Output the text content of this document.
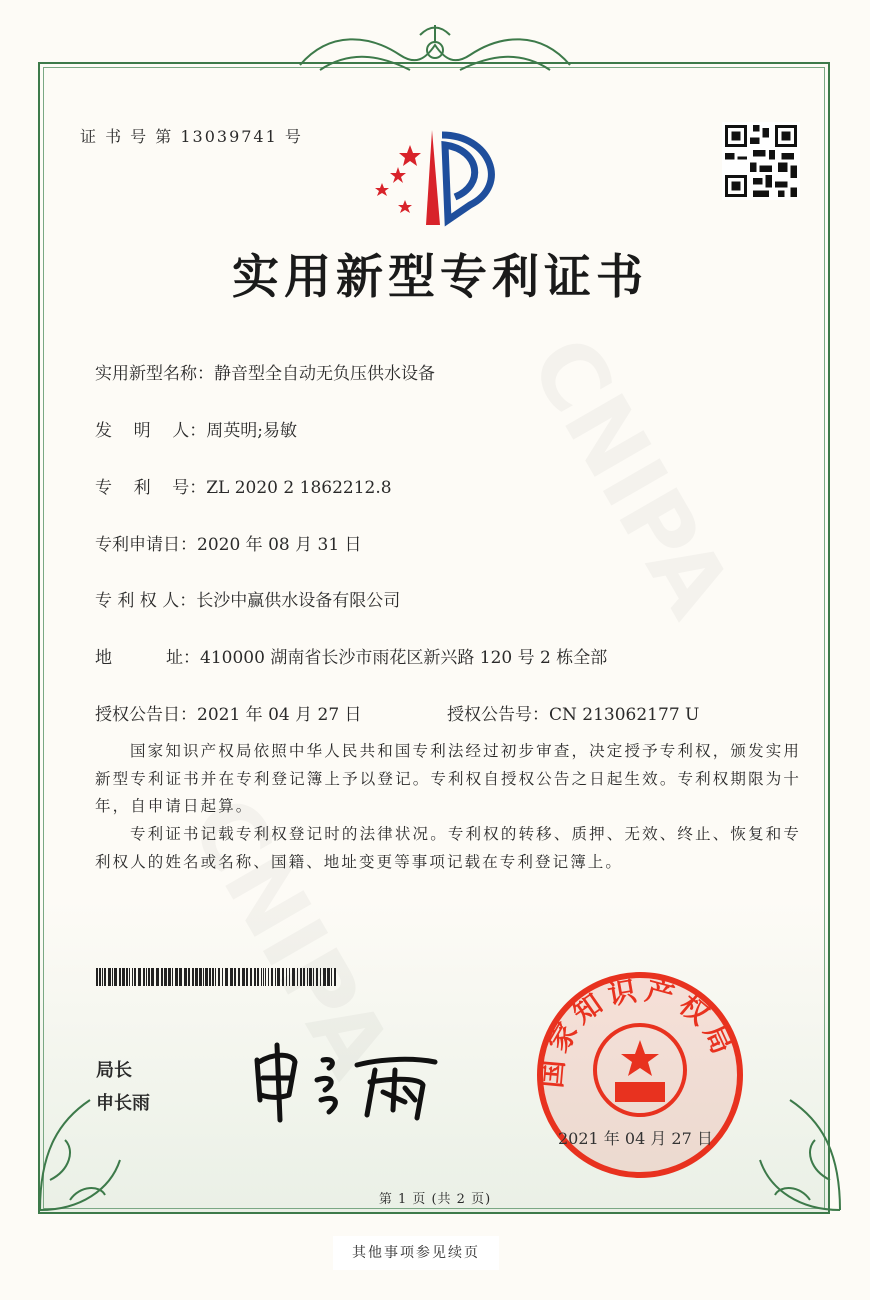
证 书 号 第 13039741 号
实用新型专利证书
实用新型名称：静音型全自动无负压供水设备
发    明    人：周英明;易敏
专    利    号：ZL 2020 2 1862212.8
专利申请日：2020 年 08 月 31 日
专 利 权 人：长沙中赢供水设备有限公司
地          址：410000 湖南省长沙市雨花区新兴路 120 号 2 栋全部
授权公告日：2021 年 04 月 27 日	授权公告号：CN 213062177 U
国家知识产权局依照中华人民共和国专利法经过初步审查，决定授予专利权，颁发实用新型专利证书并在专利登记簿上予以登记。专利权自授权公告之日起生效。专利权期限为十年，自申请日起算。
专利证书记载专利权登记时的法律状况。专利权的转移、质押、无效、终止、恢复和专利权人的姓名或名称、国籍、地址变更等事项记载在专利登记簿上。
局长
申长雨
国家知识产权局
2021 年 04 月 27 日
第 1 页 (共 2 页)
其他事项参见续页
